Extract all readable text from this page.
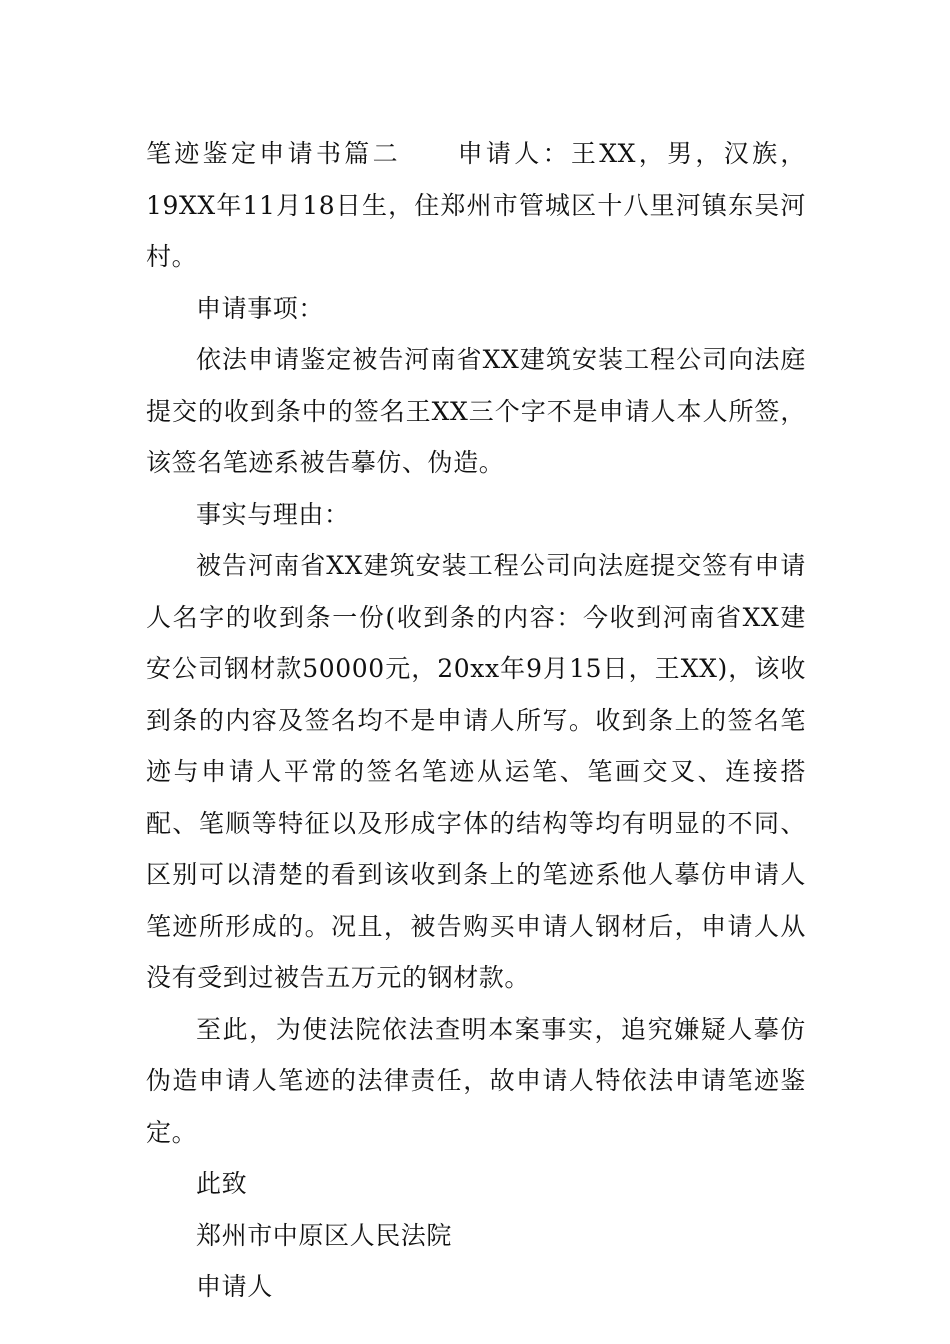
笔迹鉴定申请书篇二　　申请人：王XX，男，汉族，19XX年11月18日生，住郑州市管城区十八里河镇东吴河村。

申请事项：

依法申请鉴定被告河南省XX建筑安装工程公司向法庭提交的收到条中的签名王XX三个字不是申请人本人所签，该签名笔迹系被告摹仿、伪造。

事实与理由：

被告河南省XX建筑安装工程公司向法庭提交签有申请人名字的收到条一份(收到条的内容：今收到河南省XX建安公司钢材款50000元，20xx年9月15日，王XX)，该收到条的内容及签名均不是申请人所写。收到条上的签名笔迹与申请人平常的签名笔迹从运笔、笔画交叉、连接搭配、笔顺等特征以及形成字体的结构等均有明显的不同、区别可以清楚的看到该收到条上的笔迹系他人摹仿申请人笔迹所形成的。况且，被告购买申请人钢材后，申请人从没有受到过被告五万元的钢材款。

至此，为使法院依法查明本案事实，追究嫌疑人摹仿伪造申请人笔迹的法律责任，故申请人特依法申请笔迹鉴定。

此致

郑州市中原区人民法院

申请人
